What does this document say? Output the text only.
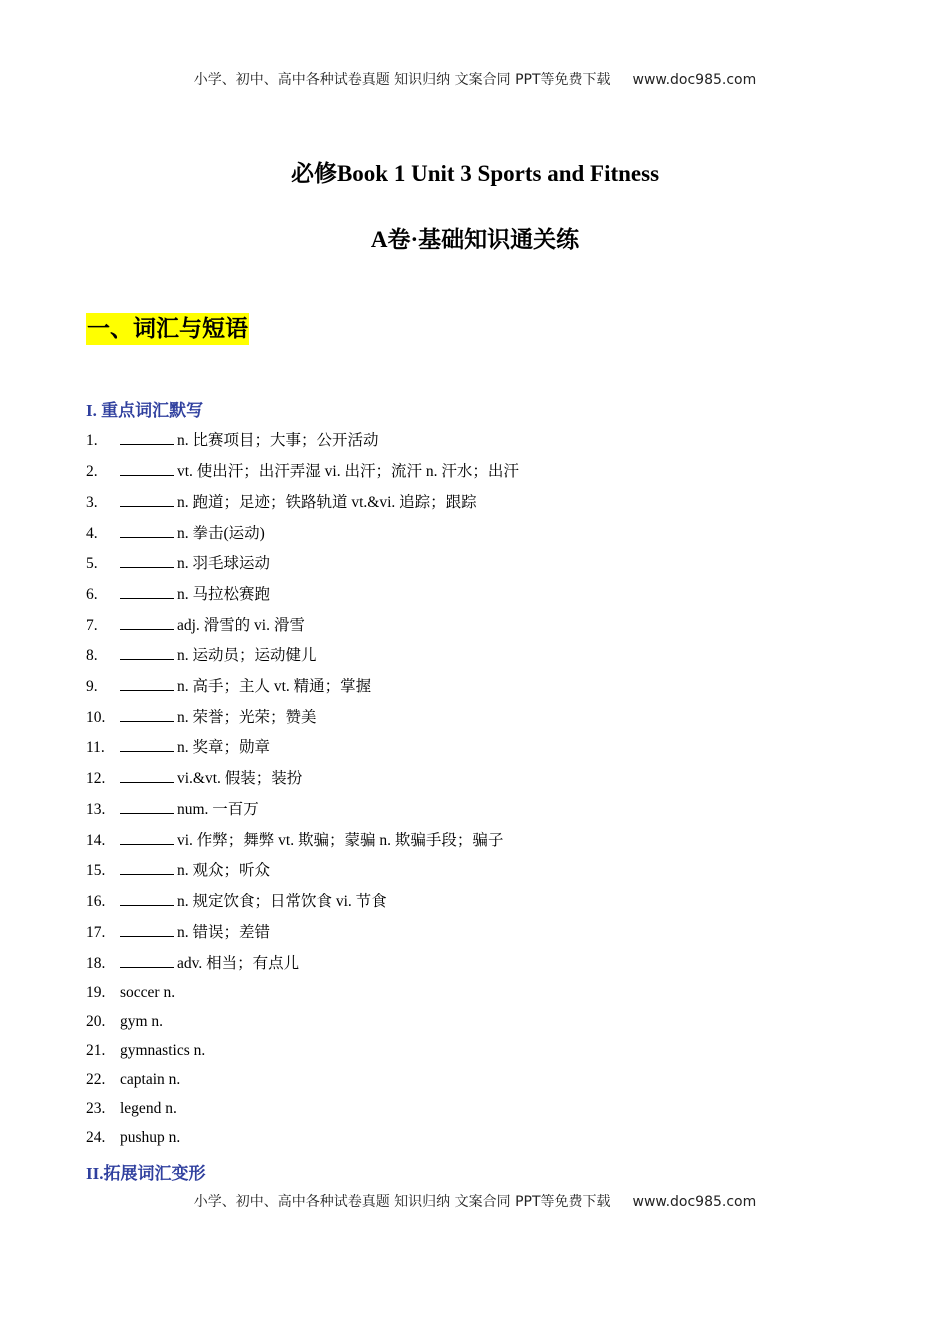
小学、初中、高中各种试卷真题 知识归纳 文案合同 PPT等免费下载 www.doc985.com
必修Book 1 Unit 3 Sports and Fitness
A卷·基础知识通关练
一、词汇与短语
I. 重点词汇默写
1.	n. 比赛项目；大事；公开活动
2.	vt. 使出汗；出汗弄湿 vi. 出汗；流汗 n. 汗水；出汗
3.	n. 跑道；足迹；铁路轨道 vt.&vi. 追踪；跟踪
4.	n. 拳击(运动)
5.	n. 羽毛球运动
6.	n. 马拉松赛跑
7.	adj. 滑雪的 vi. 滑雪
8.	n. 运动员；运动健儿
9.	n. 高手；主人 vt. 精通；掌握
10.	n. 荣誉；光荣；赞美
11.	n. 奖章；勋章
12.	vi.&vt. 假装；装扮
13.	num. 一百万
14.	vi. 作弊；舞弊 vt. 欺骗；蒙骗 n. 欺骗手段；骗子
15.	n. 观众；听众
16.	n. 规定饮食；日常饮食 vi. 节食
17.	n. 错误；差错
18.	adv. 相当；有点儿
19. soccer n.
20. gym n.
21. gymnastics n.
22. captain n.
23. legend n.
24. pushup n.
II.拓展词汇变形
小学、初中、高中各种试卷真题 知识归纳 文案合同 PPT等免费下载 www.doc985.com
